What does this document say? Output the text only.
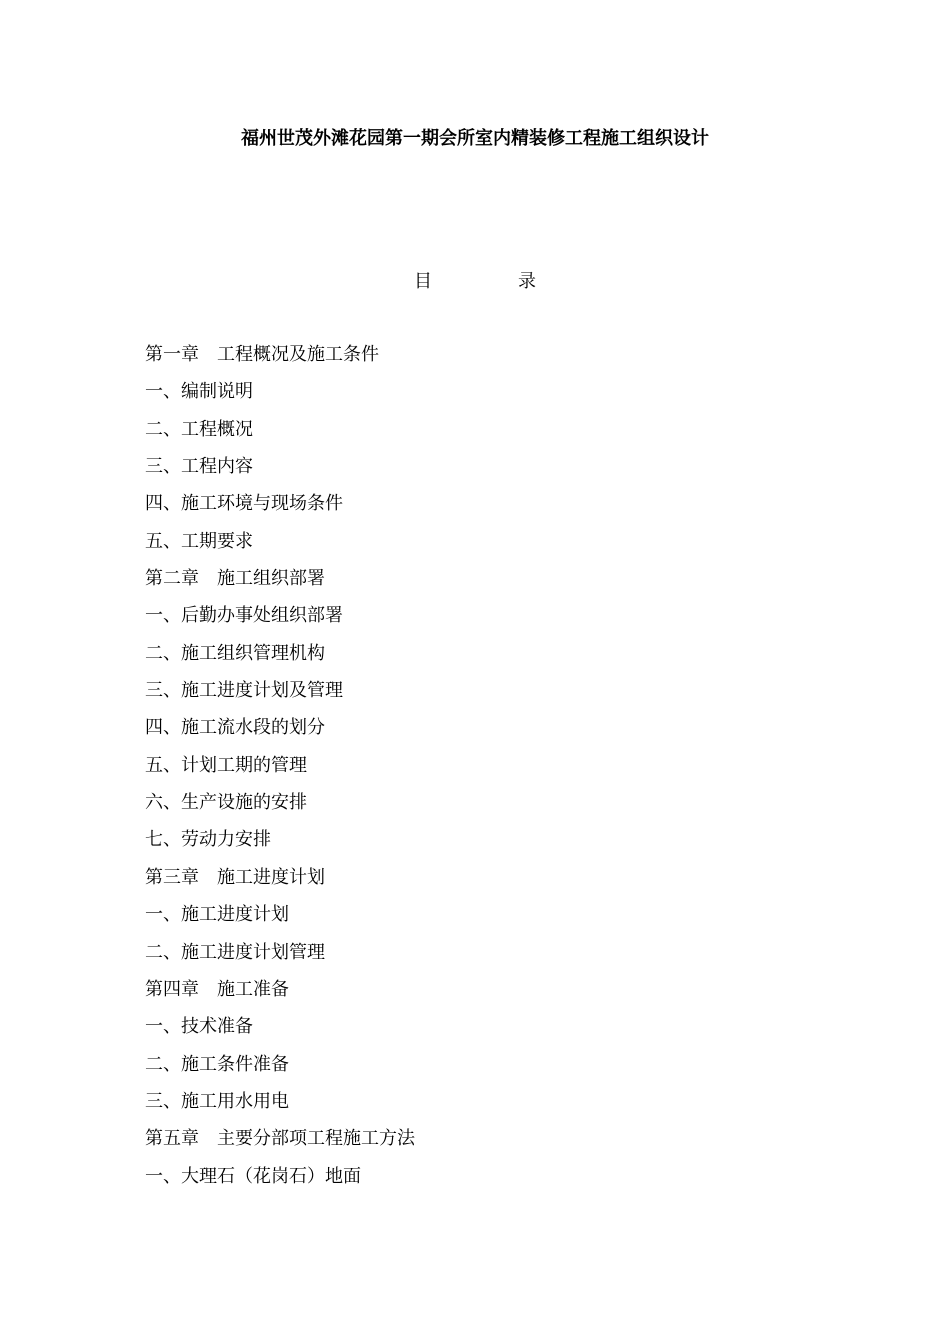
福州世茂外滩花园第一期会所室内精装修工程施工组织设计
目	录
第一章 工程概况及施工条件
一、编制说明
二、工程概况
三、工程内容
四、施工环境与现场条件
五、工期要求
第二章 施工组织部署
一、后勤办事处组织部署
二、施工组织管理机构
三、施工进度计划及管理
四、施工流水段的划分
五、计划工期的管理
六、生产设施的安排
七、劳动力安排
第三章 施工进度计划
一、施工进度计划
二、施工进度计划管理
第四章 施工准备
一、技术准备
二、施工条件准备
三、施工用水用电
第五章 主要分部项工程施工方法
一、大理石（花岗石）地面
